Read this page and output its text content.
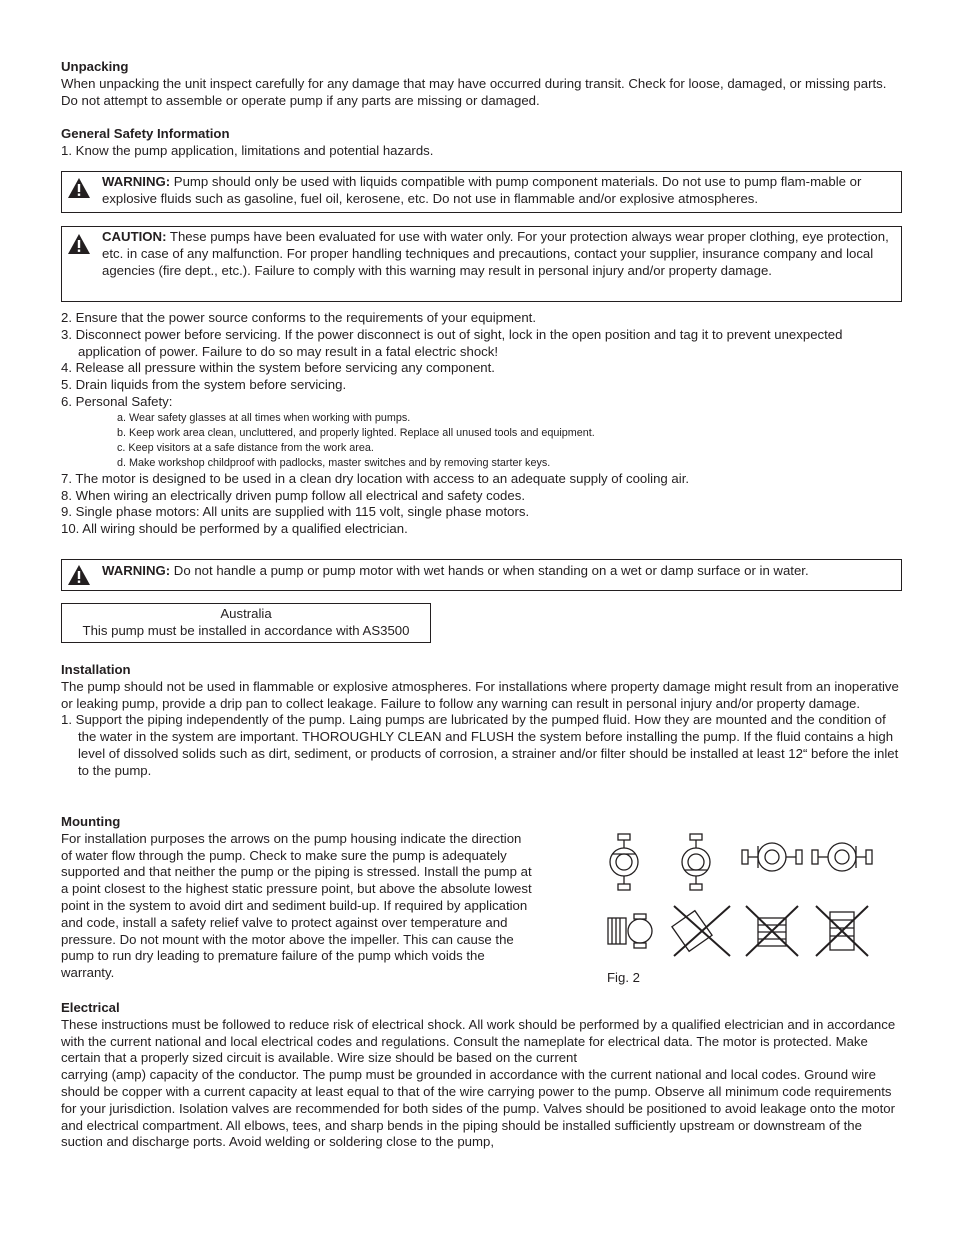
Unpacking

When unpacking the unit inspect carefully for any damage that may have occurred during transit. Check for loose, damaged, or missing parts. Do not attempt to assemble or operate pump if any parts are missing or damaged.

General Safety Information

1. Know the pump application, limitations and potential hazards.

WARNING: Pump should only be used with liquids compatible with pump component materials. Do not use to pump flam-mable or explosive fluids such as gasoline, fuel oil, kerosene, etc. Do not use in flammable and/or explosive atmospheres.

CAUTION: These pumps have been evaluated for use with water only. For your protection always wear proper clothing, eye protection, etc. in case of any malfunction. For proper handling techniques and precautions, contact your supplier, insurance company and local agencies (fire dept., etc.). Failure to comply with this warning may result in personal injury and/or property damage.

2. Ensure that the power source conforms to the requirements of your equipment.
3. Disconnect power before servicing. If the power disconnect is out of sight, lock in the open position and tag it to prevent unexpected application of power. Failure to do so may result in a fatal electric shock!
4. Release all pressure within the system before servicing any component.
5. Drain liquids from the system before servicing.
6. Personal Safety:
a. Wear safety glasses at all times when working with pumps.
b. Keep work area clean, uncluttered, and properly lighted. Replace all unused tools and equipment.
c. Keep visitors at a safe distance from the work area.
d. Make workshop childproof with padlocks, master switches and by removing starter keys.
7. The motor is designed to be used in a clean dry location with access to an adequate supply of cooling air.
8. When wiring an electrically driven pump follow all electrical and safety codes.
9. Single phase motors: All units are supplied with 115 volt, single phase motors.
10. All wiring should be performed by a qualified electrician.

WARNING: Do not handle a pump or pump motor with wet hands or when standing on a wet or damp surface or in water.

Australia
This pump must be installed in accordance with AS3500
Installation

The pump should not be used in flammable or explosive atmospheres. For installations where property damage might result from an inoperative or leaking pump, provide a drip pan to collect leakage. Failure to follow any warning can result in personal injury and/or property damage.

1. Support the piping independently of the pump. Laing pumps are lubricated by the pumped fluid. How they are mounted and the condition of the water in the system are important. THOROUGHLY CLEAN and FLUSH the system before installing the pump. If the fluid contains a high level of dissolved solids such as dirt, sediment, or products of corrosion, a strainer and/or filter should be installed at least 12“ before the inlet to the pump.
Mounting

For installation purposes the arrows on the pump housing indicate the direction of water flow through the pump. Check to make sure the pump is adequately supported and that neither the pump or the piping is stressed. Install the pump at a point closest to the highest static pressure point, but above the absolute lowest point in the system to avoid dirt and sediment build-up. If required by application and code, install a safety relief valve to protect against over temperature and pressure. Do not mount with the motor above the impeller. This can cause the pump to run dry leading to premature failure of the pump which voids the warranty.	Fig. 2
Electrical

These instructions must be followed to reduce risk of electrical shock. All work should be performed by a qualified electrician and in accordance with the current national and local electrical codes and regulations. Consult the nameplate for electrical data. The motor is protected. Make certain that a properly sized circuit is available. Wire size should be based on the current

carrying (amp) capacity of the conductor. The pump must be grounded in accordance with the current national and local codes. Ground wire should be copper with a current capacity at least equal to that of the wire carrying power to the pump. Observe all minimum code requirements for your jurisdiction. Isolation valves are recommended for both sides of the pump. Valves should be positioned to avoid leakage onto the motor and electrical compartment. All elbows, tees, and sharp bends in the piping should be installed sufficiently upstream or downstream of the suction and discharge ports. Avoid welding or soldering close to the pump,
